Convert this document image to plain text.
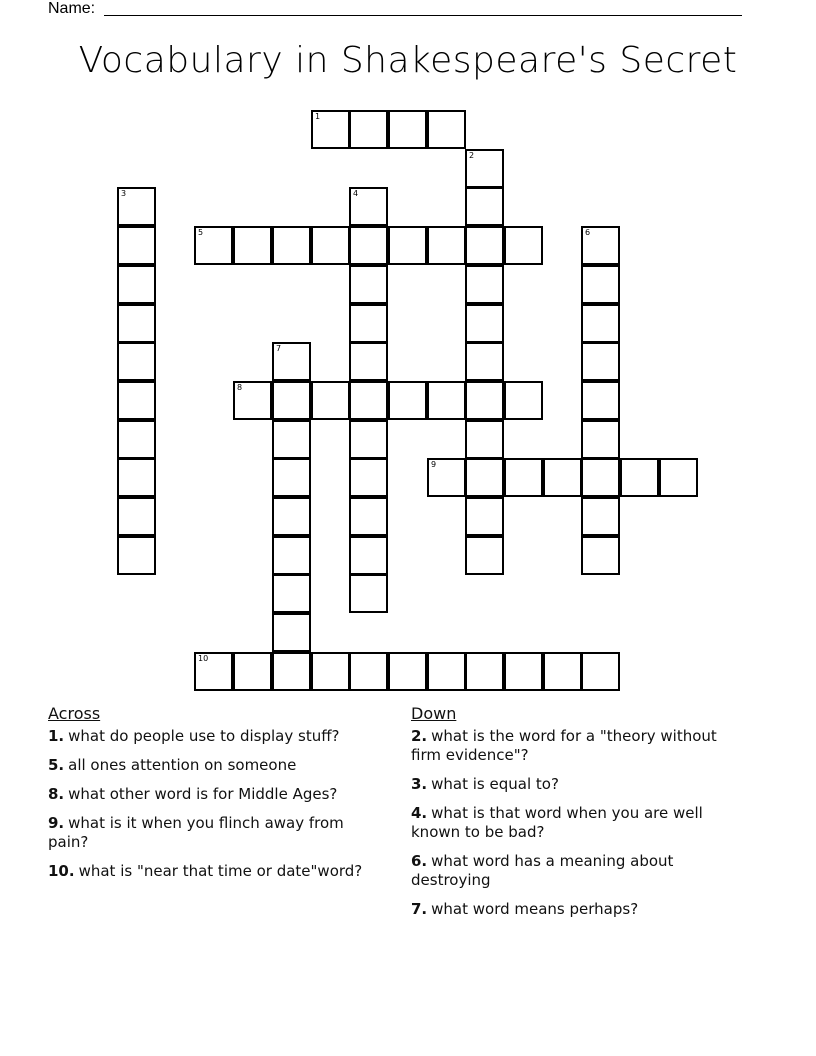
Name:
Vocabulary in Shakespeare's Secret
1
5
8
9
10
2
3	4
6
7
Across
1. what do people use to display stuff?
5. all ones attention on someone
8. what other word is for Middle Ages?
9. what is it when you flinch away from pain?
10. what is "near that time or date"word?
Down
2. what is the word for a "theory without firm evidence"?
3. what is equal to?
4. what is that word when you are well known to be bad?
6. what word has a meaning about destroying
7. what word means perhaps?
